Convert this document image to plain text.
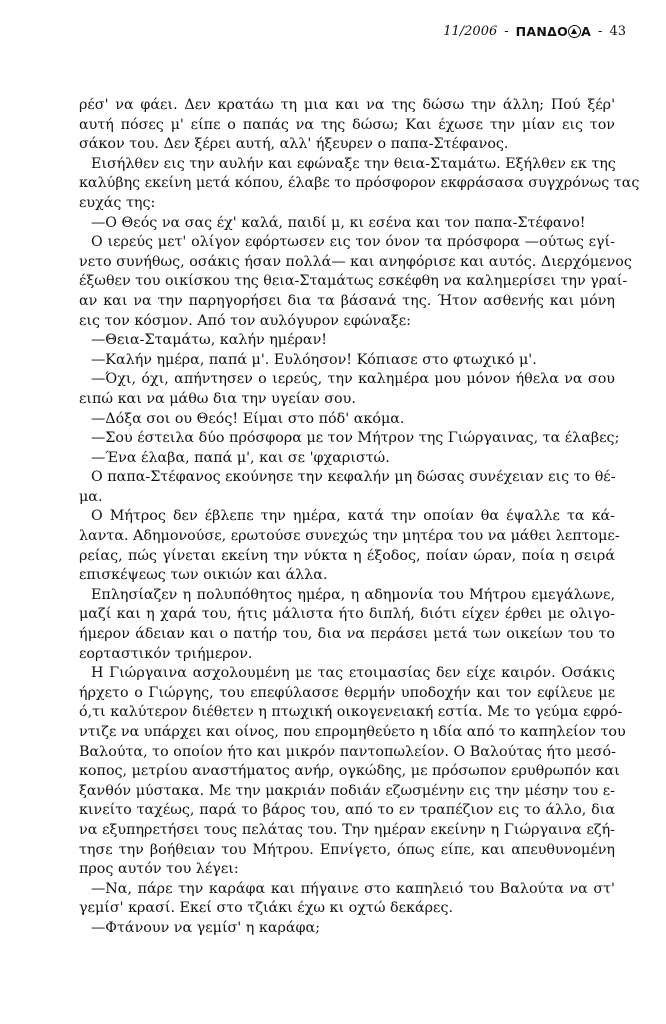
11/2006 - ΠΑΝΔΟ Α - 43
ρέσ' να φάει. Δεν κρατάω τη μια και να της δώσω την άλλη; Πού ξέρ'
αυτή πόσες μ' είπε ο παπάς να της δώσω; Και έχωσε την μίαν εις τον
σάκον του. Δεν ξέρει αυτή, αλλ' ήξευρεν ο παπα-Στέφανος.
Εισήλθεν εις την αυλήν και εφώναξε την θεια-Σταμάτω. Εξήλθεν εκ της
καλύβης εκείνη μετά κόπου, έλαβε το πρόσφορον εκφράσασα συγχρόνως τας
ευχάς της:
—Ο Θεός να σας έχ' καλά, παιδί μ, κι εσένα και τον παπα-Στέφανο!
Ο ιερεύς μετ' ολίγον εφόρτωσεν εις τον όνον τα πρόσφορα —ούτως εγί-
νετο συνήθως, οσάκις ήσαν πολλά— και ανηφόρισε και αυτός. Διερχόμενος
έξωθεν του οικίσκου της θεια-Σταμάτως εσκέφθη να καλημερίσει την γραί-
αν και να την παρηγορήσει δια τα βάσανά της. Ήτον ασθενής και μόνη
εις τον κόσμον. Από τον αυλόγυρον εφώναξε:
—Θεια-Σταμάτω, καλήν ημέραν!
—Καλήν ημέρα, παπά μ'. Ευλόησον! Κόπιασε στο φτωχικό μ'.
—Όχι, όχι, απήντησεν ο ιερεύς, την καλημέρα μου μόνον ήθελα να σου
ειπώ και να μάθω δια την υγείαν σου.
—Δόξα σοι ου Θεός! Είμαι στο πόδ' ακόμα.
—Σου έστειλα δύο πρόσφορα με τον Μήτρον της Γιώργαινας, τα έλαβες;
—Ένα έλαβα, παπά μ', και σε 'φχαριστώ.
Ο παπα-Στέφανος εκούνησε την κεφαλήν μη δώσας συνέχειαν εις το θέ-
μα.
Ο Μήτρος δεν έβλεπε την ημέρα, κατά την οποίαν θα έψαλλε τα κά-
λαντα. Αδημονούσε, ερωτούσε συνεχώς την μητέρα του να μάθει λεπτομε-
ρείας, πώς γίνεται εκείνη την νύκτα η έξοδος, ποίαν ώραν, ποία η σειρά
επισκέψεως των οικιών και άλλα.
Επλησίαζεν η πολυπόθητος ημέρα, η αδημονία του Μήτρου εμεγάλωνε,
μαζί και η χαρά του, ήτις μάλιστα ήτο διπλή, διότι είχεν έρθει με ολιγο-
ήμερον άδειαν και ο πατήρ του, δια να περάσει μετά των οικείων του το
εορταστικόν τριήμερον.
Η Γιώργαινα ασχολουμένη με τας ετοιμασίας δεν είχε καιρόν. Οσάκις
ήρχετο ο Γιώργης, του επεφύλασσε θερμήν υποδοχήν και τον εφίλευε με
ό,τι καλύτερον διέθετεν η πτωχική οικογενειακή εστία. Με το γεύμα εφρό-
ντιζε να υπάρχει και οίνος, που επρομηθεύετο η ιδία από το καπηλείον του
Βαλούτα, το οποίον ήτο και μικρόν παντοπωλείον. Ο Βαλούτας ήτο μεσό-
κοπος, μετρίου αναστήματος ανήρ, ογκώδης, με πρόσωπον ερυθρωπόν και
ξανθόν μύστακα. Με την μακριάν ποδιάν εζωσμένην εις την μέσην του ε-
κινείτο ταχέως, παρά το βάρος του, από το εν τραπέζιον εις το άλλο, δια
να εξυπηρετήσει τους πελάτας του. Την ημέραν εκείνην η Γιώργαινα εζή-
τησε την βοήθειαν του Μήτρου. Επνίγετο, όπως είπε, και απευθυνομένη
προς αυτόν του λέγει:
—Να, πάρε την καράφα και πήγαινε στο καπηλειό του Βαλούτα να στ'
γεμίσ' κρασί. Εκεί στο τζιάκι έχω κι οχτώ δεκάρες.
—Φτάνουν να γεμίσ' η καράφα;
